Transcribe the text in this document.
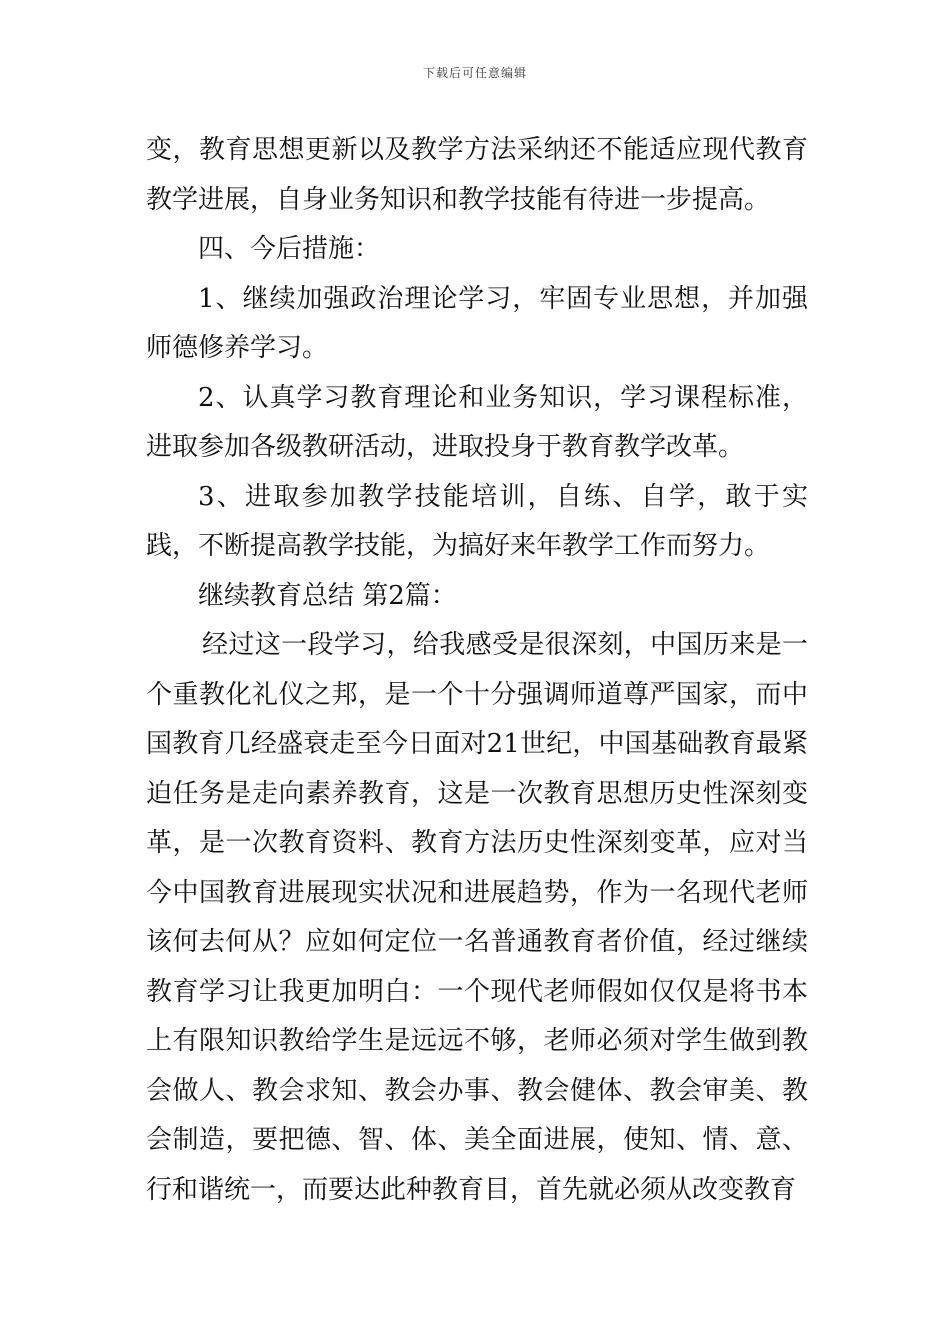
下载后可任意编辑

变，教育思想更新以及教学方法采纳还不能适应现代教育教学进展，自身业务知识和教学技能有待进一步提高。

四、今后措施：

1、继续加强政治理论学习，牢固专业思想，并加强师德修养学习。

2、认真学习教育理论和业务知识，学习课程标准，进取参加各级教研活动，进取投身于教育教学改革。

3、进取参加教学技能培训，自练、自学，敢于实践，不断提高教学技能，为搞好来年教学工作而努力。

继续教育总结 第2篇：

经过这一段学习，给我感受是很深刻，中国历来是一个重教化礼仪之邦，是一个十分强调师道尊严国家，而中国教育几经盛衰走至今日面对21世纪，中国基础教育最紧迫任务是走向素养教育，这是一次教育思想历史性深刻变革，是一次教育资料、教育方法历史性深刻变革，应对当今中国教育进展现实状况和进展趋势，作为一名现代老师该何去何从？应如何定位一名普通教育者价值，经过继续教育学习让我更加明白：一个现代老师假如仅仅是将书本上有限知识教给学生是远远不够，老师必须对学生做到教会做人、教会求知、教会办事、教会健体、教会审美、教会制造，要把德、智、体、美全面进展，使知、情、意、行和谐统一，而要达此种教育目，首先就必须从改变教育
